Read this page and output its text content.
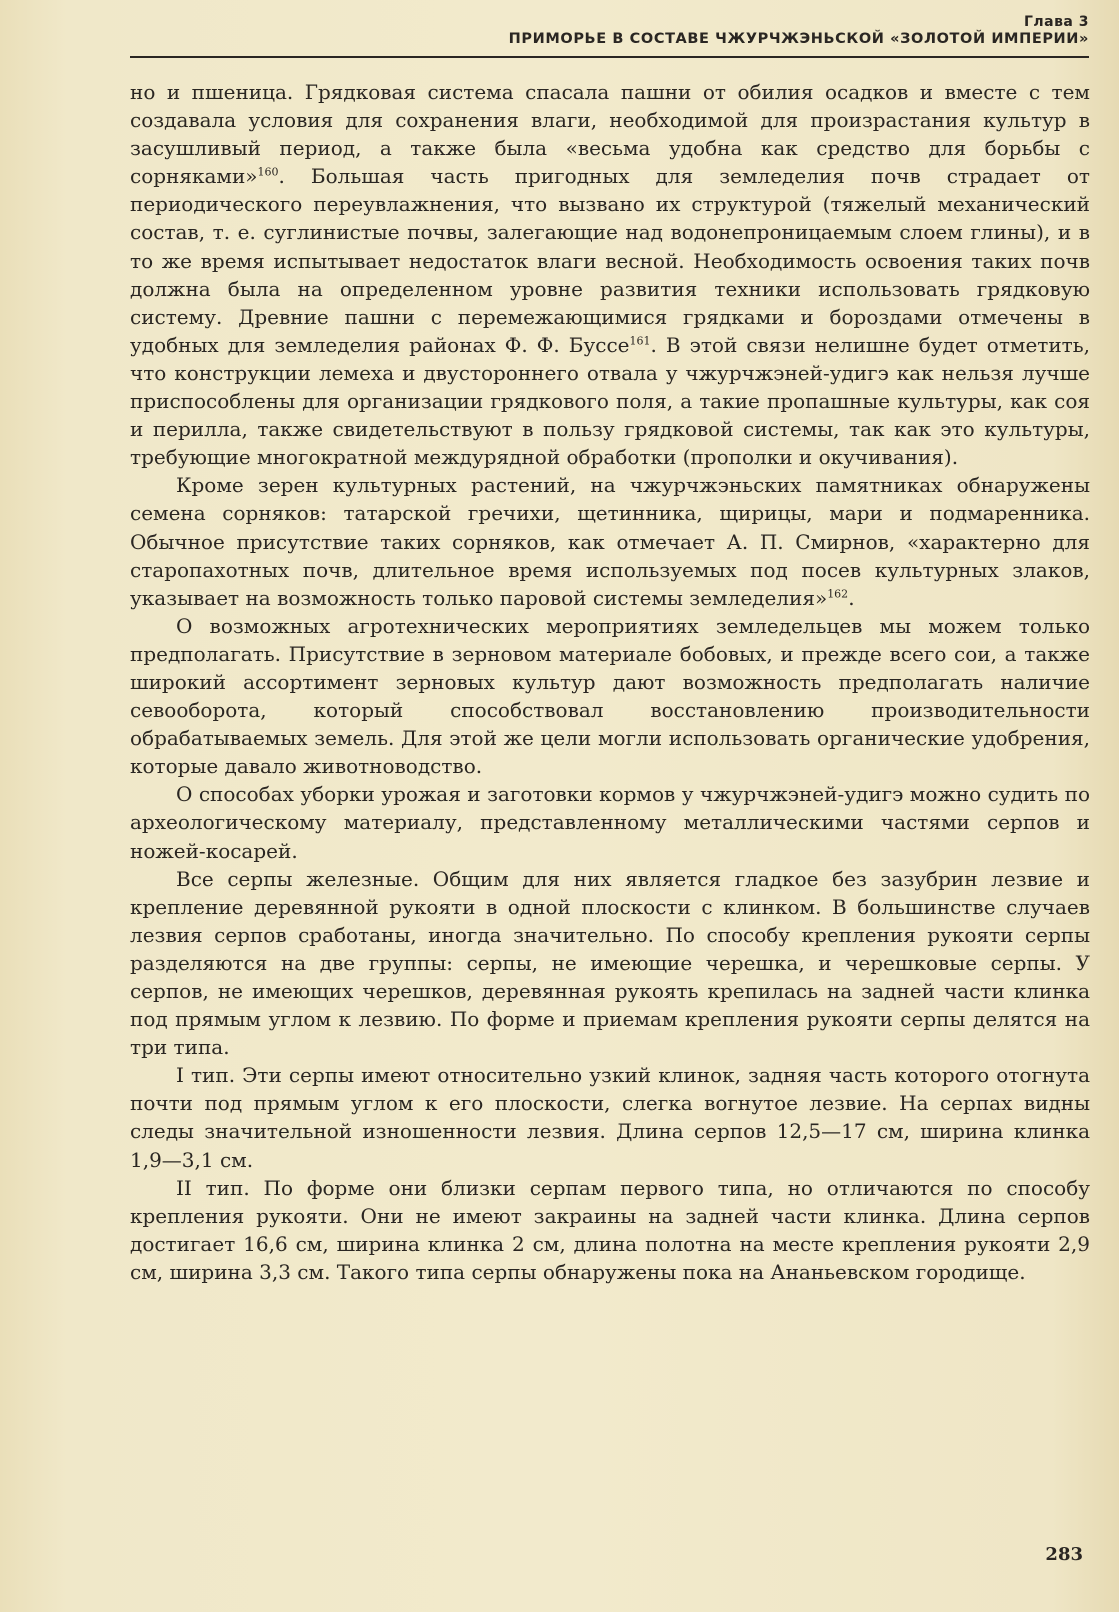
Глава 3
ПРИМОРЬЕ В СОСТАВЕ ЧЖУРЧЖЭНЬСКОЙ «ЗОЛОТОЙ ИМПЕРИИ»

но и пшеница. Грядковая система спасала пашни от обилия осадков и вместе с тем создавала условия для сохранения влаги, необходимой для произрастания культур в засушливый период, а также была «весьма удобна как средство для борьбы с сорняками»$^{160}$. Большая часть пригодных для земледелия почв страдает от периодического переувлажнения, что вызвано их структурой (тяжелый механический состав, т. е. суглинистые почвы, залегающие над водонепроницаемым слоем глины), и в то же время испытывает недостаток влаги весной. Необходимость освоения таких почв должна была на определенном уровне развития техники использовать грядковую систему. Древние пашни с перемежающимися грядками и бороздами отмечены в удобных для земледелия районах Ф. Ф. Буссе$^{161}$. В этой связи нелишне будет отметить, что конструкции лемеха и двустороннего отвала у чжурчжэней-удигэ как нельзя лучше приспособлены для организации грядкового поля, а такие пропашные культуры, как соя и перилла, также свидетельствуют в пользу грядковой системы, так как это культуры, требующие многократной междурядной обработки (прополки и окучивания).

Кроме зерен культурных растений, на чжурчжэньских памятниках обнаружены семена сорняков: татарской гречихи, щетинника, щирицы, мари и подмаренника. Обычное присутствие таких сорняков, как отмечает А. П. Смирнов, «характерно для старопахотных почв, длительное время используемых под посев культурных злаков, указывает на возможность только паровой системы земледелия»$^{162}$.

О возможных агротехнических мероприятиях земледельцев мы можем только предполагать. Присутствие в зерновом материале бобовых, и прежде всего сои, а также широкий ассортимент зерновых культур дают возможность предполагать наличие севооборота, который способствовал восстановлению производительности обрабатываемых земель. Для этой же цели могли использовать органические удобрения, которые давало животноводство.

О способах уборки урожая и заготовки кормов у чжурчжэней-удигэ можно судить по археологическому материалу, представленному металлическими частями серпов и ножей-косарей.

Все серпы железные. Общим для них является гладкое без зазубрин лезвие и крепление деревянной рукояти в одной плоскости с клинком. В большинстве случаев лезвия серпов сработаны, иногда значительно. По способу крепления рукояти серпы разделяются на две группы: серпы, не имеющие черешка, и черешковые серпы. У серпов, не имеющих черешков, деревянная рукоять крепилась на задней части клинка под прямым углом к лезвию. По форме и приемам крепления рукояти серпы делятся на три типа.

I тип. Эти серпы имеют относительно узкий клинок, задняя часть которого отогнута почти под прямым углом к его плоскости, слегка вогнутое лезвие. На серпах видны следы значительной изношенности лезвия. Длина серпов 12,5—17 см, ширина клинка 1,9—3,1 см.

II тип. По форме они близки серпам первого типа, но отличаются по способу крепления рукояти. Они не имеют закраины на задней части клинка. Длина серпов достигает 16,6 см, ширина клинка 2 см, длина полотна на месте крепления рукояти 2,9 см, ширина 3,3 см. Такого типа серпы обнаружены пока на Ананьевском городище.

283
